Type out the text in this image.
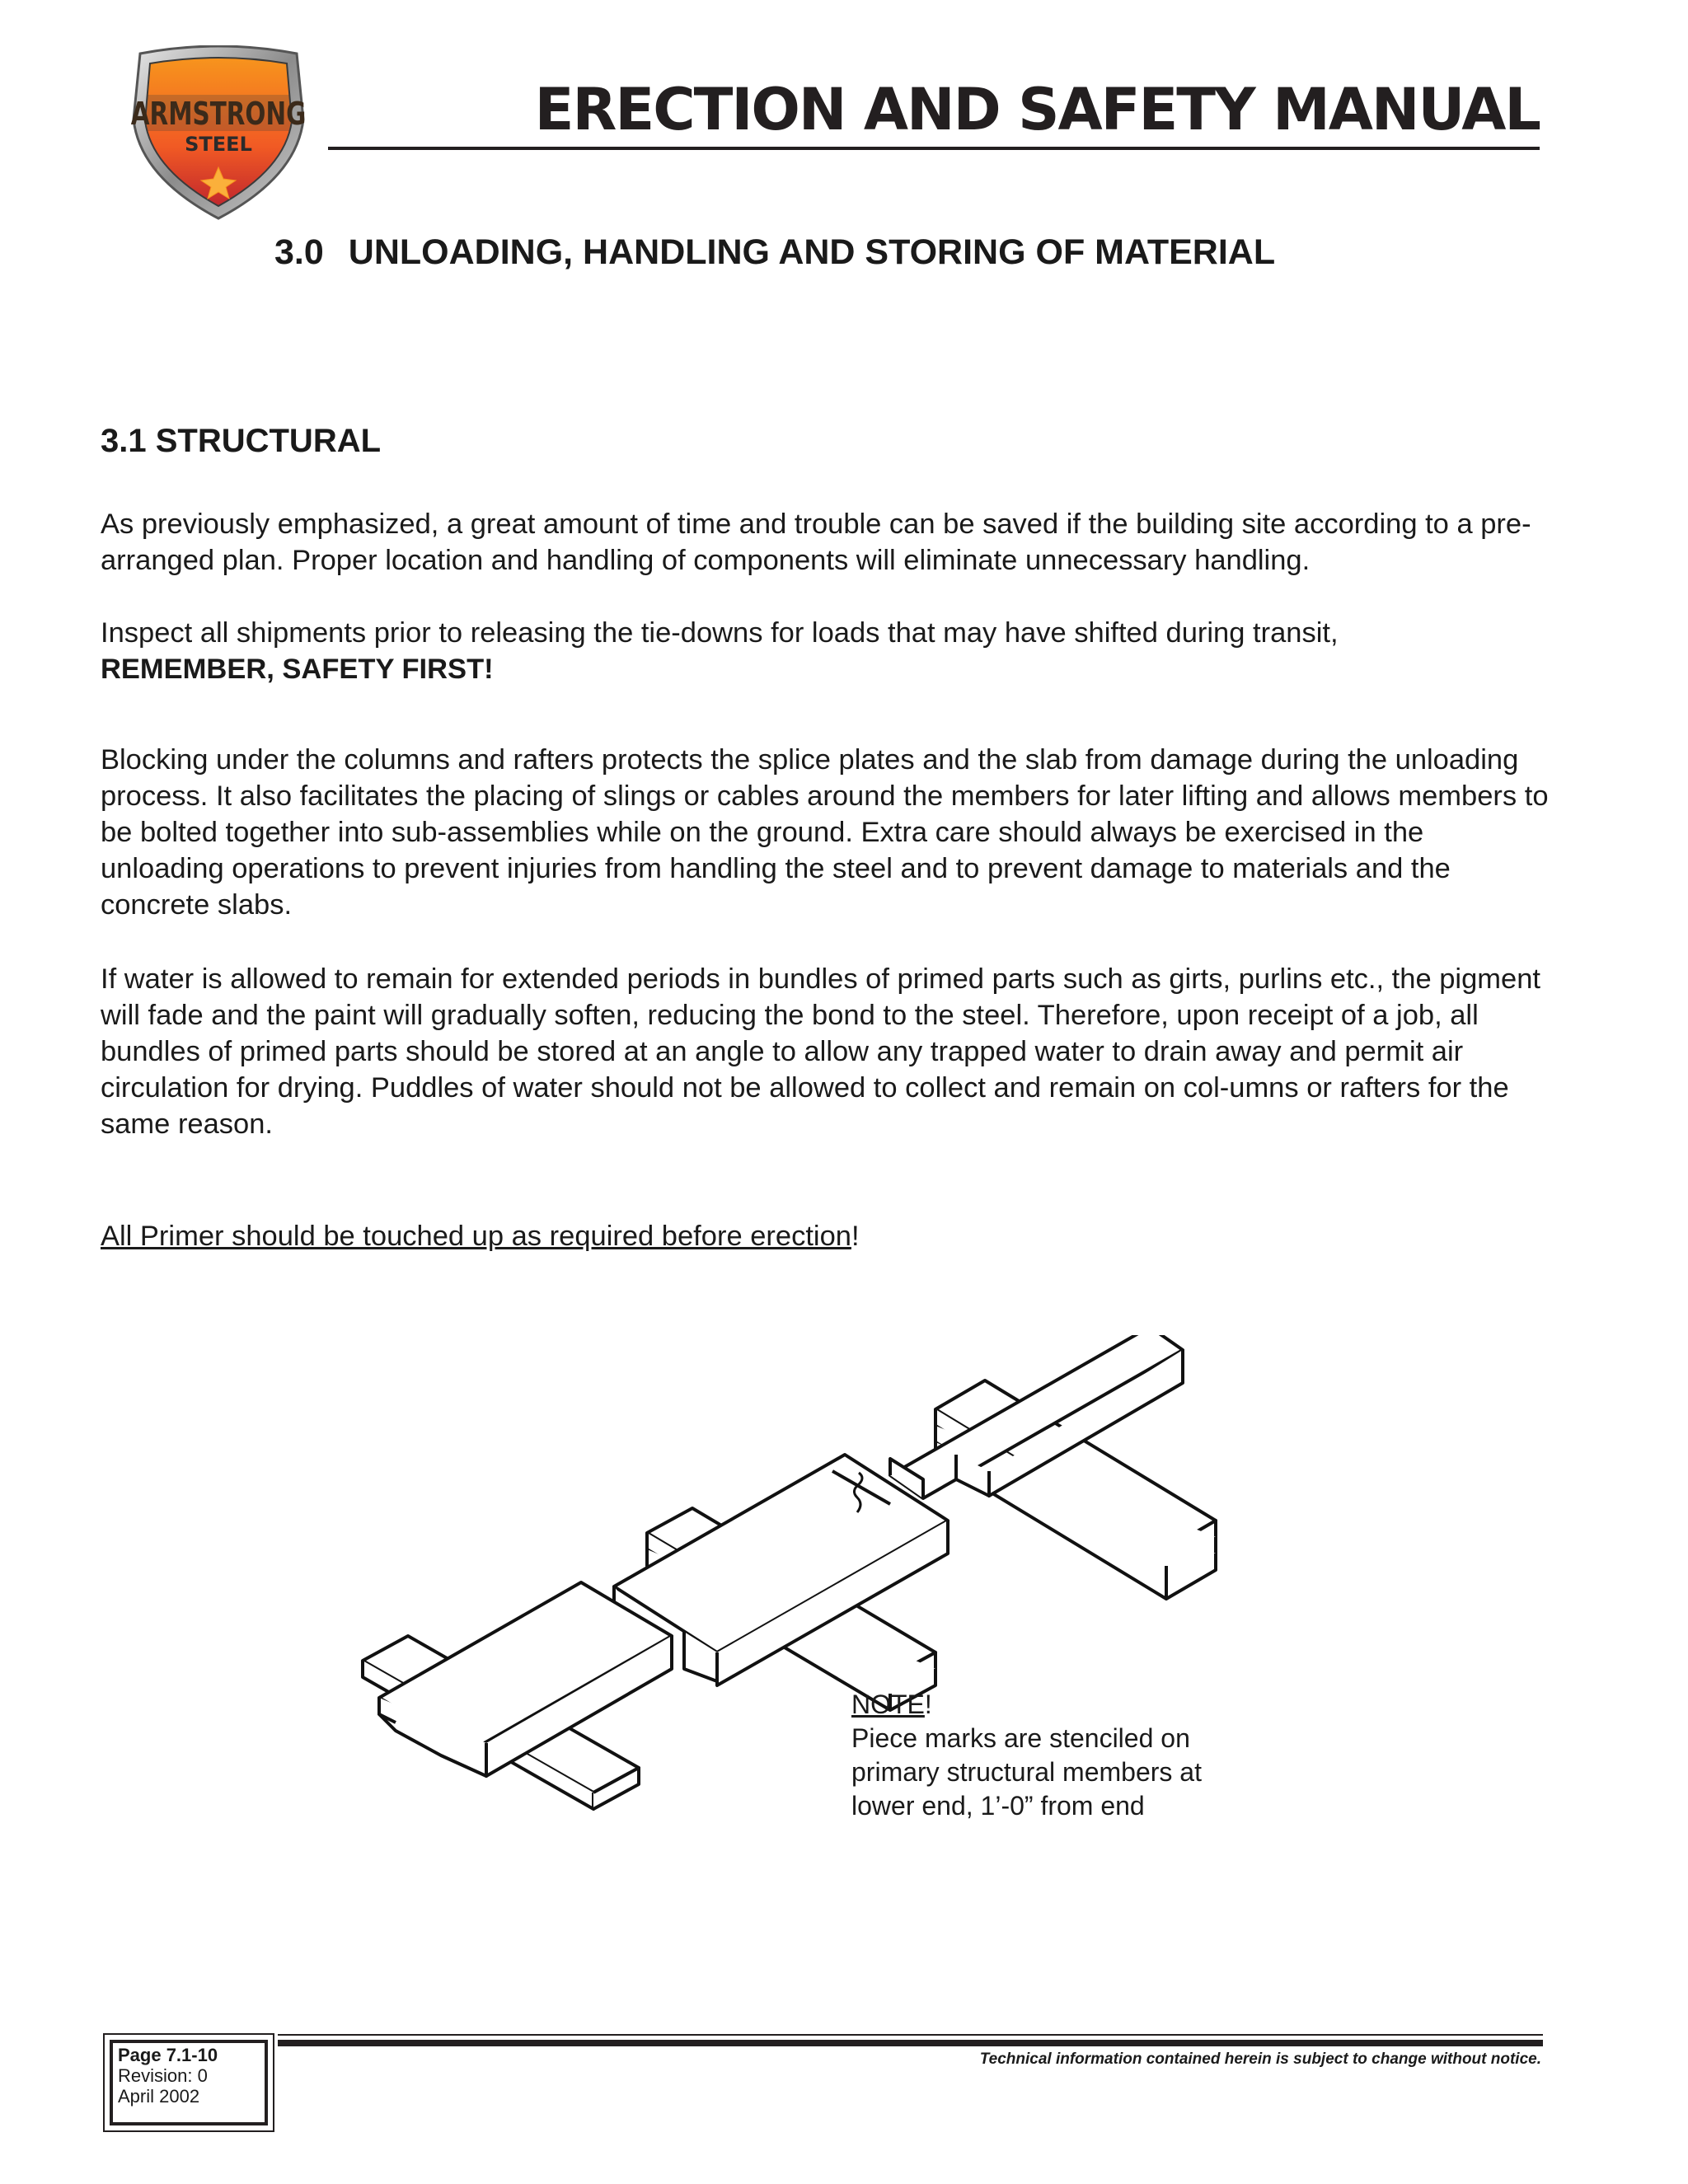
ARMSTRONG
STEEL
ERECTION AND SAFETY MANUAL
3.0 UNLOADING, HANDLING AND STORING OF MATERIAL
3.1 STRUCTURAL

As previously emphasized, a great amount of time and trouble can be saved if the building site according to a pre-arranged plan. Proper location and handling of components will eliminate unnecessary handling.

Inspect all shipments prior to releasing the tie-downs for loads that may have shifted during transit,
REMEMBER, SAFETY FIRST!

Blocking under the columns and rafters protects the splice plates and the slab from damage during the unloading process. It also facilitates the placing of slings or cables around the members for later lifting and allows members to be bolted together into sub-assemblies while on the ground. Extra care should always be exercised in the unloading operations to prevent injuries from handling the steel and to prevent damage to materials and the concrete slabs.

If water is allowed to remain for extended periods in bundles of primed parts such as girts, purlins etc., the pigment will fade and the paint will gradually soften, reducing the bond to the steel. Therefore, upon receipt of a job, all bundles of primed parts should be stored at an angle to allow any trapped water to drain away and permit air circulation for drying. Puddles of water should not be allowed to collect and remain on col-umns or rafters for the same reason.

All Primer should be touched up as required before erection!

NOTE!
Piece marks are stenciled on primary structural members at lower end, 1’-0” from end
Technical information contained herein is subject to change without notice.
Page 7.1-10
Revision: 0
April 2002
